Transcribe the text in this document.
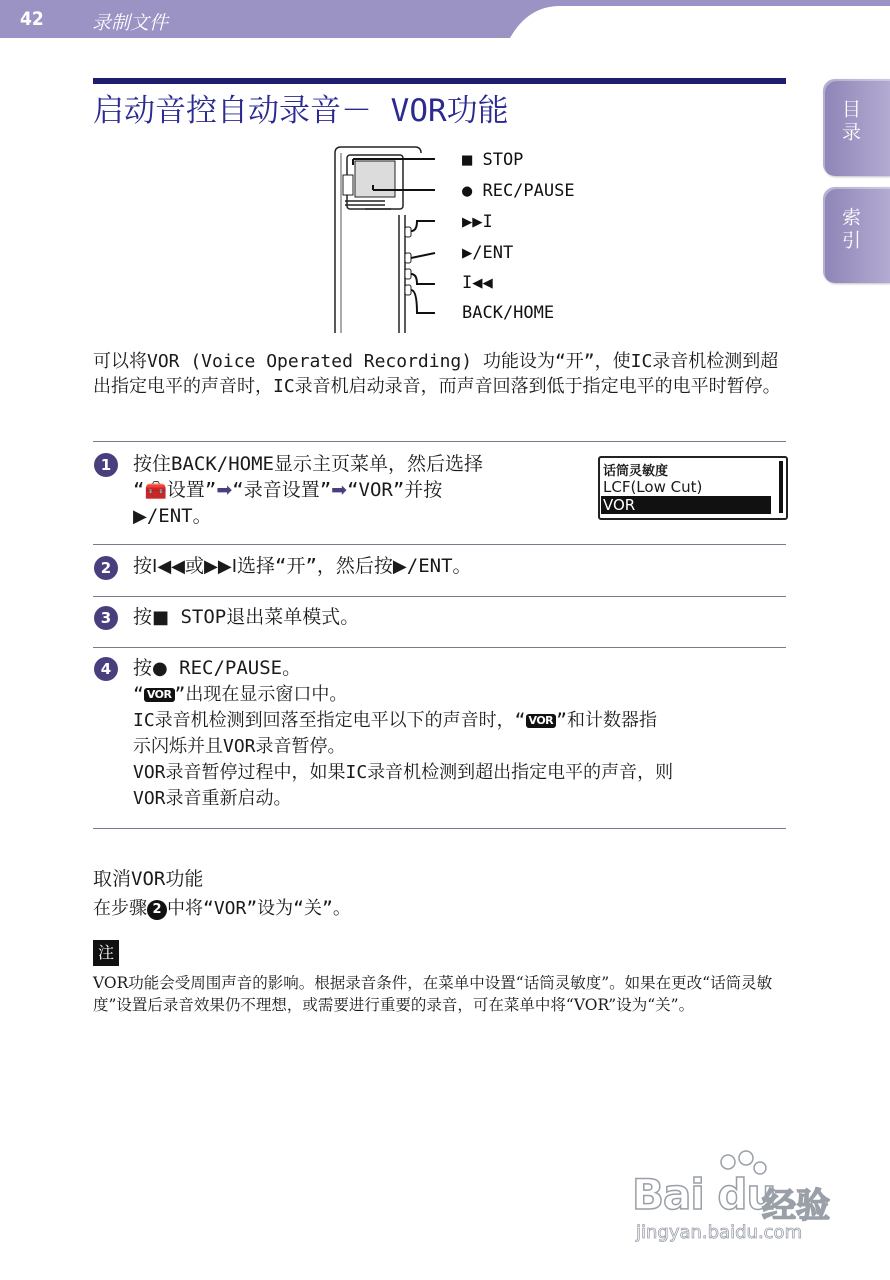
42	录制文件
目录
索引
启动音控自动录音－ VOR功能
■ STOP
● REC/PAUSE
▶▶I
▶/ENT
I◀◀
BACK/HOME
可以将VOR (Voice Operated Recording) 功能设为“开”，使IC录音机检测到超出指定电平的声音时，IC录音机启动录音，而声音回落到低于指定电平的电平时暂停。
1	按住BACK/HOME显示主页菜单，然后选择
“🧰设置”➡“录音设置”➡“VOR”并按
▶/ENT。
话筒灵敏度
LCF(Low Cut)
VOR
2	按I◀◀或▶▶I选择“开”，然后按▶/ENT。
3	按■ STOP退出菜单模式。
4	按● REC/PAUSE。
“ VOR ”出现在显示窗口中。
IC录音机检测到回落至指定电平以下的声音时，“ VOR ”和计数器指
示闪烁并且VOR录音暂停。
VOR录音暂停过程中，如果IC录音机检测到超出指定电平的声音，则
VOR录音重新启动。
取消VOR功能
在步骤 2 中将“VOR”设为“关”。
注
VOR功能会受周围声音的影响。根据录音条件，在菜单中设置“话筒灵敏度”。如果在更改“话筒灵敏度”设置后录音效果仍不理想，或需要进行重要的录音，可在菜单中将“VOR”设为“关”。
Bai du
经验
jingyan.baidu.com
